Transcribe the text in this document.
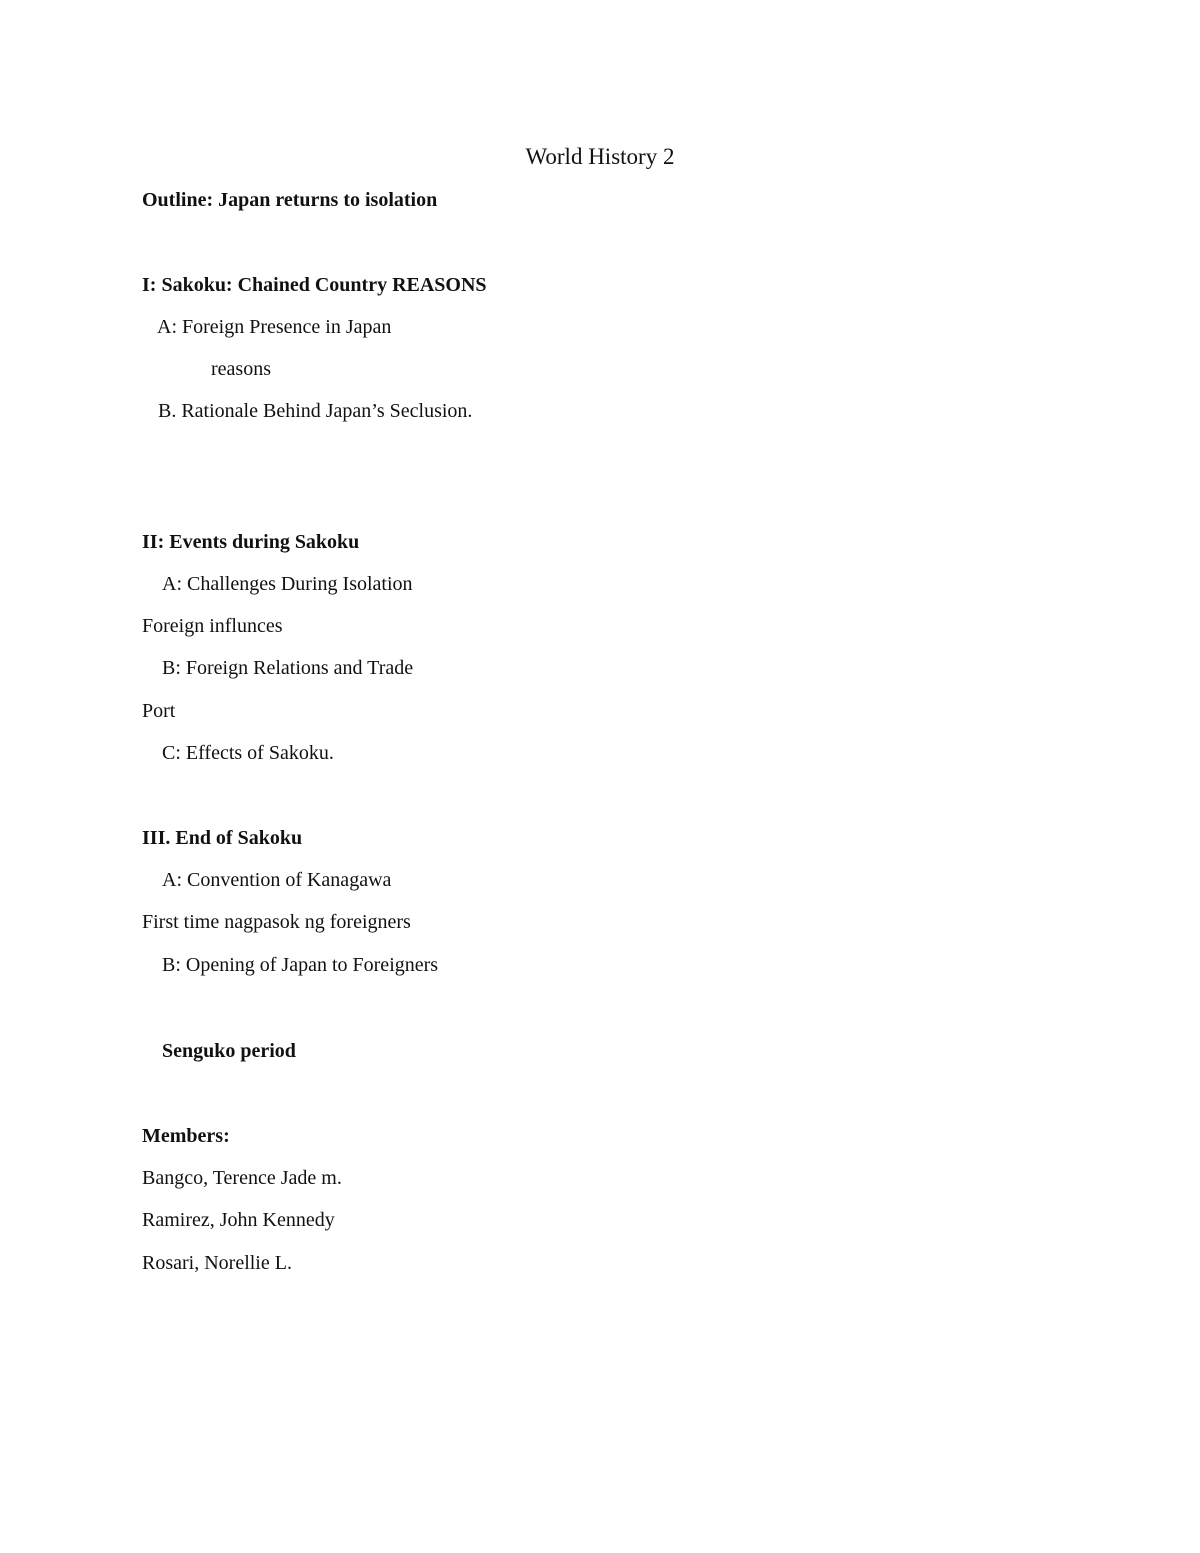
World History 2
Outline: Japan returns to isolation
I: Sakoku: Chained Country REASONS
A: Foreign Presence in Japan
reasons
B. Rationale Behind Japan’s Seclusion.
II: Events during Sakoku
A: Challenges During Isolation
Foreign influnces
B: Foreign Relations and Trade
Port
C: Effects of Sakoku.
III. End of Sakoku
A: Convention of Kanagawa
First time nagpasok ng foreigners
B: Opening of Japan to Foreigners
Senguko period
Members:
Bangco, Terence Jade m.
Ramirez, John Kennedy
Rosari, Norellie L.
